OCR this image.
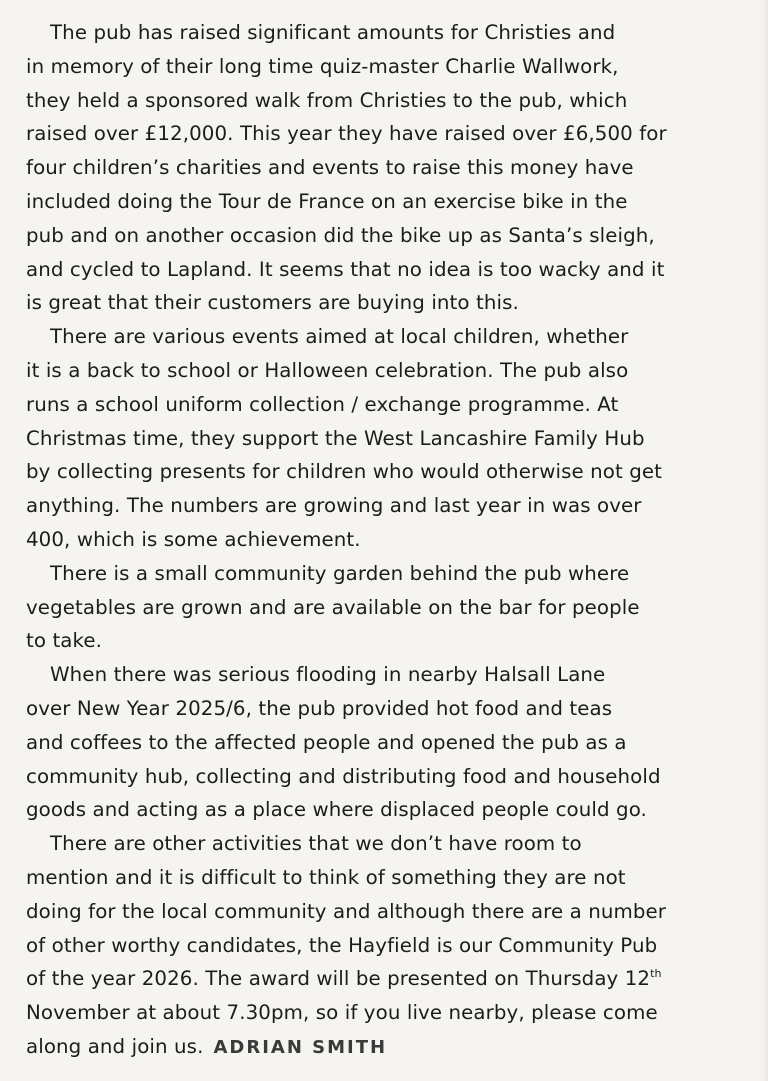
The pub has raised significant amounts for Christies and
in memory of their long time quiz-master Charlie Wallwork,
they held a sponsored walk from Christies to the pub, which
raised over £12,000. This year they have raised over £6,500 for
four children’s charities and events to raise this money have
included doing the Tour de France on an exercise bike in the
pub and on another occasion did the bike up as Santa’s sleigh,
and cycled to Lapland. It seems that no idea is too wacky and it
is great that their customers are buying into this.

There are various events aimed at local children, whether
it is a back to school or Halloween celebration. The pub also
runs a school uniform collection / exchange programme. At
Christmas time, they support the West Lancashire Family Hub
by collecting presents for children who would otherwise not get
anything. The numbers are growing and last year in was over
400, which is some achievement.

There is a small community garden behind the pub where
vegetables are grown and are available on the bar for people
to take.

When there was serious flooding in nearby Halsall Lane
over New Year 2025/6, the pub provided hot food and teas
and coffees to the affected people and opened the pub as a
community hub, collecting and distributing food and household
goods and acting as a place where displaced people could go.

There are other activities that we don’t have room to
mention and it is difficult to think of something they are not
doing for the local community and although there are a number
of other worthy candidates, the Hayfield is our Community Pub
of the year 2026. The award will be presented on Thursday 12th
November at about 7.30pm, so if you live nearby, please come
along and join us. ADRIAN SMITH
